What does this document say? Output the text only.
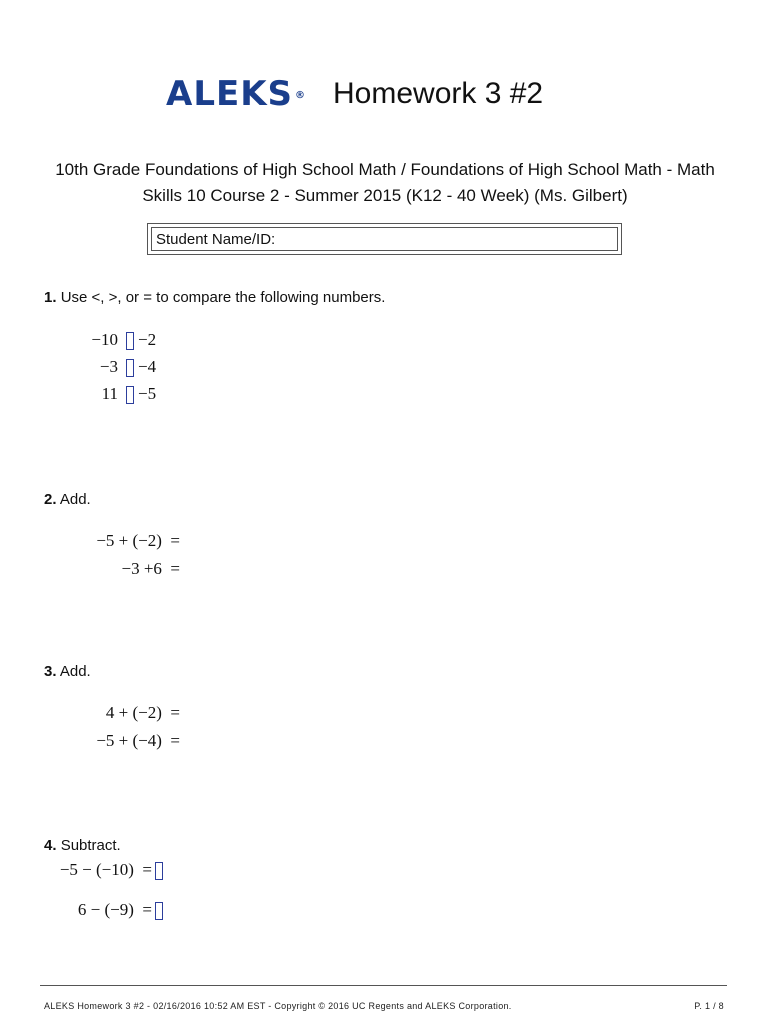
ALEKS ® Homework 3 #2
10th Grade Foundations of High School Math / Foundations of High School Math - Math
Skills 10 Course 2 - Summer 2015 (K12 - 40 Week) (Ms. Gilbert)
Student Name/ID:
1. Use <, >, or = to compare the following numbers.
−10 −2
−3 −4
11 −5
2. Add.
−5 + (−2)  =
−3 +6  =
3. Add.
4 + (−2)  =
−5 + (−4)  =
4. Subtract.
−5 − (−10)  =
6 − (−9)  =
ALEKS Homework 3 #2 - 02/16/2016 10:52 AM EST - Copyright © 2016 UC Regents and ALEKS Corporation.	P. 1 / 8
